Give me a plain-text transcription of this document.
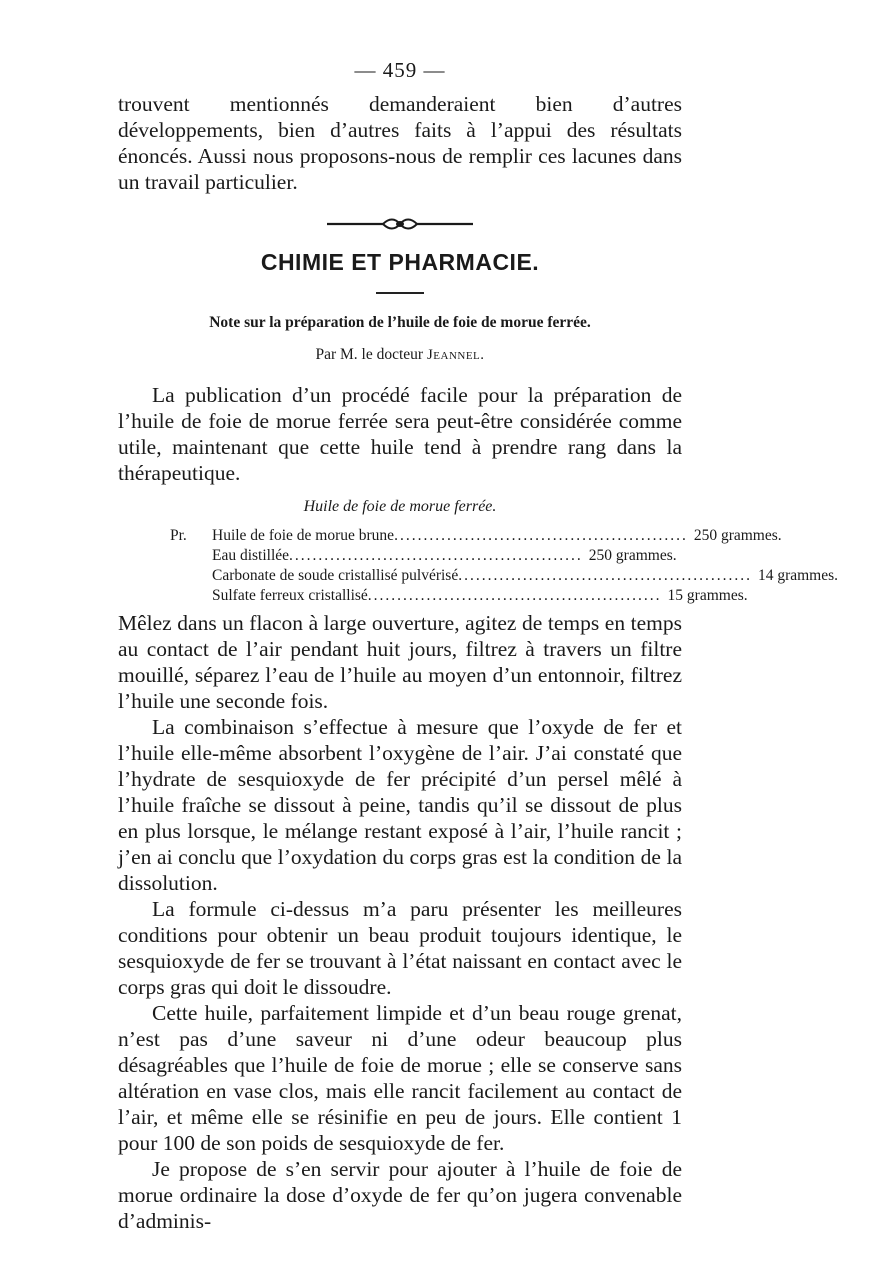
— 459 —

trouvent mentionnés demanderaient bien d’autres développements, bien d’autres faits à l’appui des résultats énoncés. Aussi nous proposons-nous de remplir ces lacunes dans un travail particulier.

CHIMIE ET PHARMACIE.
Note sur la préparation de l’huile de foie de morue ferrée.
Par M. le docteur Jeannel.

La publication d’un procédé facile pour la préparation de l’huile de foie de morue ferrée sera peut-être considérée comme utile, maintenant que cette huile tend à prendre rang dans la thérapeutique.

Huile de foie de morue ferrée.
Pr.	Huile de foie de morue brune .................................................. 250 grammes.
Eau distillée .................................................. 250 grammes.
Carbonate de soude cristallisé pulvérisé .................................................. 14 grammes.
Sulfate ferreux cristallisé .................................................. 15 grammes.

Mêlez dans un flacon à large ouverture, agitez de temps en temps au contact de l’air pendant huit jours, filtrez à travers un filtre mouillé, séparez l’eau de l’huile au moyen d’un entonnoir, filtrez l’huile une seconde fois.

La combinaison s’effectue à mesure que l’oxyde de fer et l’huile elle-même absorbent l’oxygène de l’air. J’ai constaté que l’hydrate de sesquioxyde de fer précipité d’un persel mêlé à l’huile fraîche se dissout à peine, tandis qu’il se dissout de plus en plus lorsque, le mélange restant exposé à l’air, l’huile rancit ; j’en ai conclu que l’oxydation du corps gras est la condition de la dissolution.

La formule ci-dessus m’a paru présenter les meilleures conditions pour obtenir un beau produit toujours identique, le sesquioxyde de fer se trouvant à l’état naissant en contact avec le corps gras qui doit le dissoudre.

Cette huile, parfaitement limpide et d’un beau rouge grenat, n’est pas d’une saveur ni d’une odeur beaucoup plus désagréables que l’huile de foie de morue ; elle se conserve sans altération en vase clos, mais elle rancit facilement au contact de l’air, et même elle se résinifie en peu de jours. Elle contient 1 pour 100 de son poids de sesquioxyde de fer.

Je propose de s’en servir pour ajouter à l’huile de foie de morue ordinaire la dose d’oxyde de fer qu’on jugera convenable d’adminis-
